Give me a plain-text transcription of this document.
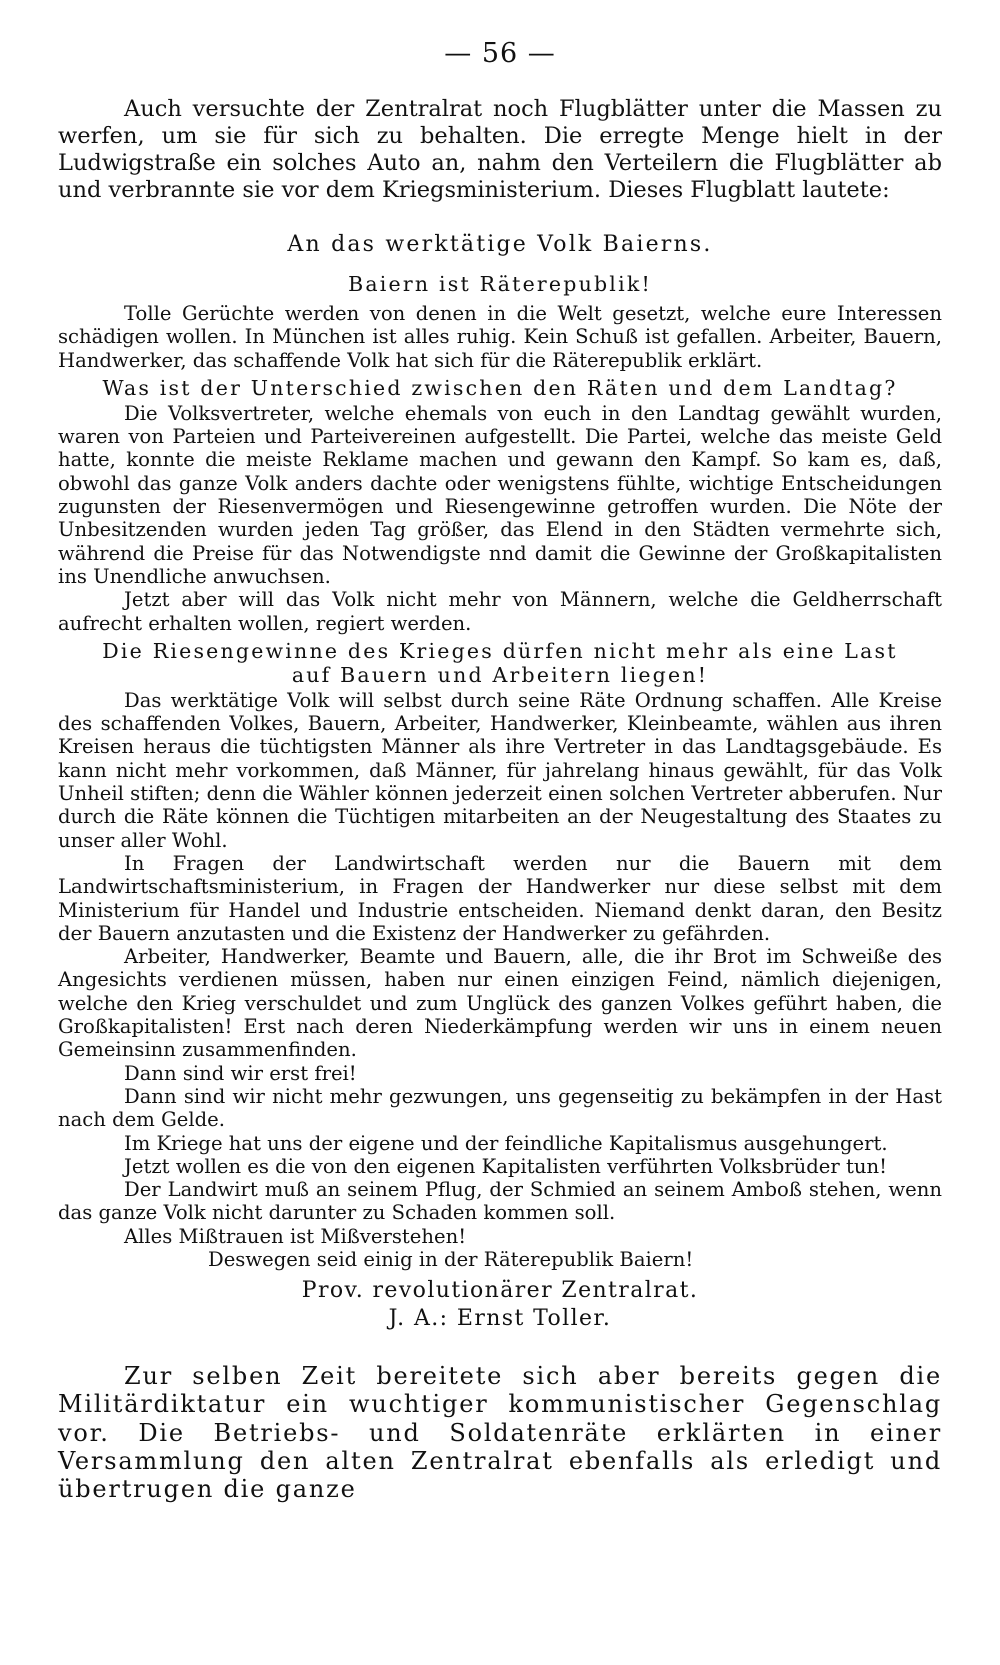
— 56 —

Auch versuchte der Zentralrat noch Flugblätter unter die Massen zu werfen, um sie für sich zu behalten. Die erregte Menge hielt in der Ludwigstraße ein solches Auto an, nahm den Verteilern die Flugblätter ab und verbrannte sie vor dem Kriegsministerium. Dieses Flugblatt lautete:

An das werktätige Volk Baierns.

Baiern ist Räterepublik!

Tolle Gerüchte werden von denen in die Welt gesetzt, welche eure Interessen schädigen wollen. In München ist alles ruhig. Kein Schuß ist gefallen. Arbeiter, Bauern, Handwerker, das schaffende Volk hat sich für die Räterepublik erklärt.

Was ist der Unterschied zwischen den Räten und dem Landtag?

Die Volksvertreter, welche ehemals von euch in den Landtag gewählt wurden, waren von Parteien und Parteivereinen aufgestellt. Die Partei, welche das meiste Geld hatte, konnte die meiste Reklame machen und gewann den Kampf. So kam es, daß, obwohl das ganze Volk anders dachte oder wenigstens fühlte, wichtige Entscheidungen zugunsten der Riesenvermögen und Riesengewinne getroffen wurden. Die Nöte der Unbesitzenden wurden jeden Tag größer, das Elend in den Städten vermehrte sich, während die Preise für das Notwendigste nnd damit die Gewinne der Großkapitalisten ins Unendliche anwuchsen.

Jetzt aber will das Volk nicht mehr von Männern, welche die Geldherrschaft aufrecht erhalten wollen, regiert werden.

Die Riesengewinne des Krieges dürfen nicht mehr als eine Last

auf Bauern und Arbeitern liegen!

Das werktätige Volk will selbst durch seine Räte Ordnung schaffen. Alle Kreise des schaffenden Volkes, Bauern, Arbeiter, Handwerker, Kleinbeamte, wählen aus ihren Kreisen heraus die tüchtigsten Männer als ihre Vertreter in das Landtagsgebäude. Es kann nicht mehr vorkommen, daß Männer, für jahrelang hinaus gewählt, für das Volk Unheil stiften; denn die Wähler können jederzeit einen solchen Vertreter abberufen. Nur durch die Räte können die Tüchtigen mitarbeiten an der Neugestaltung des Staates zu unser aller Wohl.

In Fragen der Landwirtschaft werden nur die Bauern mit dem Landwirtschaftsministerium, in Fragen der Handwerker nur diese selbst mit dem Ministerium für Handel und Industrie entscheiden. Niemand denkt daran, den Besitz der Bauern anzutasten und die Existenz der Handwerker zu gefährden.

Arbeiter, Handwerker, Beamte und Bauern, alle, die ihr Brot im Schweiße des Angesichts verdienen müssen, haben nur einen einzigen Feind, nämlich diejenigen, welche den Krieg verschuldet und zum Unglück des ganzen Volkes geführt haben, die Großkapitalisten! Erst nach deren Niederkämpfung werden wir uns in einem neuen Gemeinsinn zusammenfinden.

Dann sind wir erst frei!

Dann sind wir nicht mehr gezwungen, uns gegenseitig zu bekämpfen in der Hast nach dem Gelde.

Im Kriege hat uns der eigene und der feindliche Kapitalismus ausgehungert.

Jetzt wollen es die von den eigenen Kapitalisten verführten Volksbrüder tun!

Der Landwirt muß an seinem Pflug, der Schmied an seinem Amboß stehen, wenn das ganze Volk nicht darunter zu Schaden kommen soll.

Alles Mißtrauen ist Mißverstehen!

Deswegen seid einig in der Räterepublik Baiern!

Prov. revolutionärer Zentralrat.

J. A.: Ernst Toller.

Zur selben Zeit bereitete sich aber bereits gegen die Militärdiktatur ein wuchtiger kommunistischer Gegenschlag vor. Die Betriebs- und Soldatenräte erklärten in einer Versammlung den alten Zentralrat ebenfalls als erledigt und übertrugen die ganze
